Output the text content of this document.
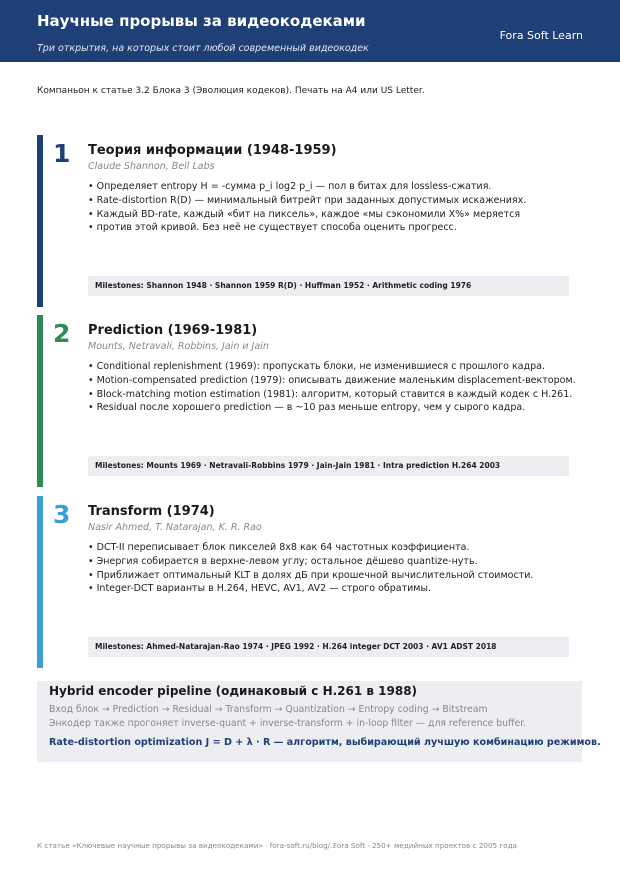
Научные прорывы за видеокодеками
Три открытия, на которых стоит любой современный видеокодек
Fora Soft Learn
Компаньон к статье 3.2 Блока 3 (Эволюция кодеков). Печать на A4 или US Letter.
1 Теория информации (1948-1959)
Claude Shannon, Bell Labs
• Определяет entropy H = -сумма p_i log2 p_i — пол в битах для lossless-сжатия.
• Rate-distortion R(D) — минимальный битрейт при заданных допустимых искажениях.
• Каждый BD-rate, каждый «бит на пиксель», каждое «мы сэкономили X%» меряется
• против этой кривой. Без неё не существует способа оценить прогресс.
Milestones: Shannon 1948 · Shannon 1959 R(D) · Huffman 1952 · Arithmetic coding 1976
2 Prediction (1969-1981)
Mounts, Netravali, Robbins, Jain и Jain
• Conditional replenishment (1969): пропускать блоки, не изменившиеся с прошлого кадра.
• Motion-compensated prediction (1979): описывать движение маленьким displacement-вектором.
• Block-matching motion estimation (1981): алгоритм, который ставится в каждый кодек с H.261.
• Residual после хорошего prediction — в ~10 раз меньше entropy, чем у сырого кадра.
Milestones: Mounts 1969 · Netravali-Robbins 1979 · Jain-Jain 1981 · Intra prediction H.264 2003
3 Transform (1974)
Nasir Ahmed, T. Natarajan, K. R. Rao
• DCT-II переписывает блок пикселей 8x8 как 64 частотных коэффициента.
• Энергия собирается в верхне-левом углу; остальное дёшево quantize-нуть.
• Приближает оптимальный KLT в долях дБ при крошечной вычислительной стоимости.
• Integer-DCT варианты в H.264, HEVC, AV1, AV2 — строго обратимы.
Milestones: Ahmed-Natarajan-Rao 1974 · JPEG 1992 · H.264 integer DCT 2003 · AV1 ADST 2018
Hybrid encoder pipeline (одинаковый с H.261 в 1988)
Вход блок → Prediction → Residual → Transform → Quantization → Entropy coding → Bitstream
Энкодер также прогоняет inverse-quant + inverse-transform + in-loop filter — для reference buffer.
Rate-distortion optimization J = D + λ · R — алгоритм, выбирающий лучшую комбинацию режимов.
К статье «Ключевые научные прорывы за видеокодеками» · fora-soft.ru/blog/...
Fora Soft · 250+ медийных проектов с 2005 года
